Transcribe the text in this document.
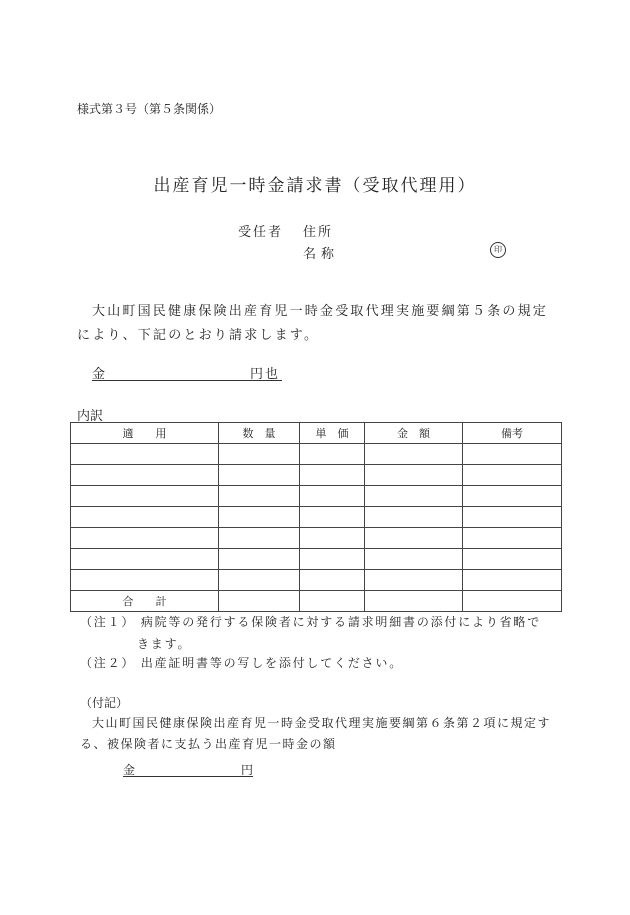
様式第３号（第５条関係）
出産育児一時金請求書（受取代理用）
受任者 住所
名称	印
大山町国民健康保険出産育児一時金受取代理実施要綱第５条の規定により、下記のとおり請求します。
金	円也
内訳
適　　用	数　量	単　価	金　額	備考

合　　計				
（注１） 病院等の発行する保険者に対する請求明細書の添付により省略で
きます。
（注２） 出産証明書等の写しを添付してください。
（付記）
大山町国民健康保険出産育児一時金受取代理実施要綱第６条第２項に規定する、被保険者に支払う出産育児一時金の額
金	円
